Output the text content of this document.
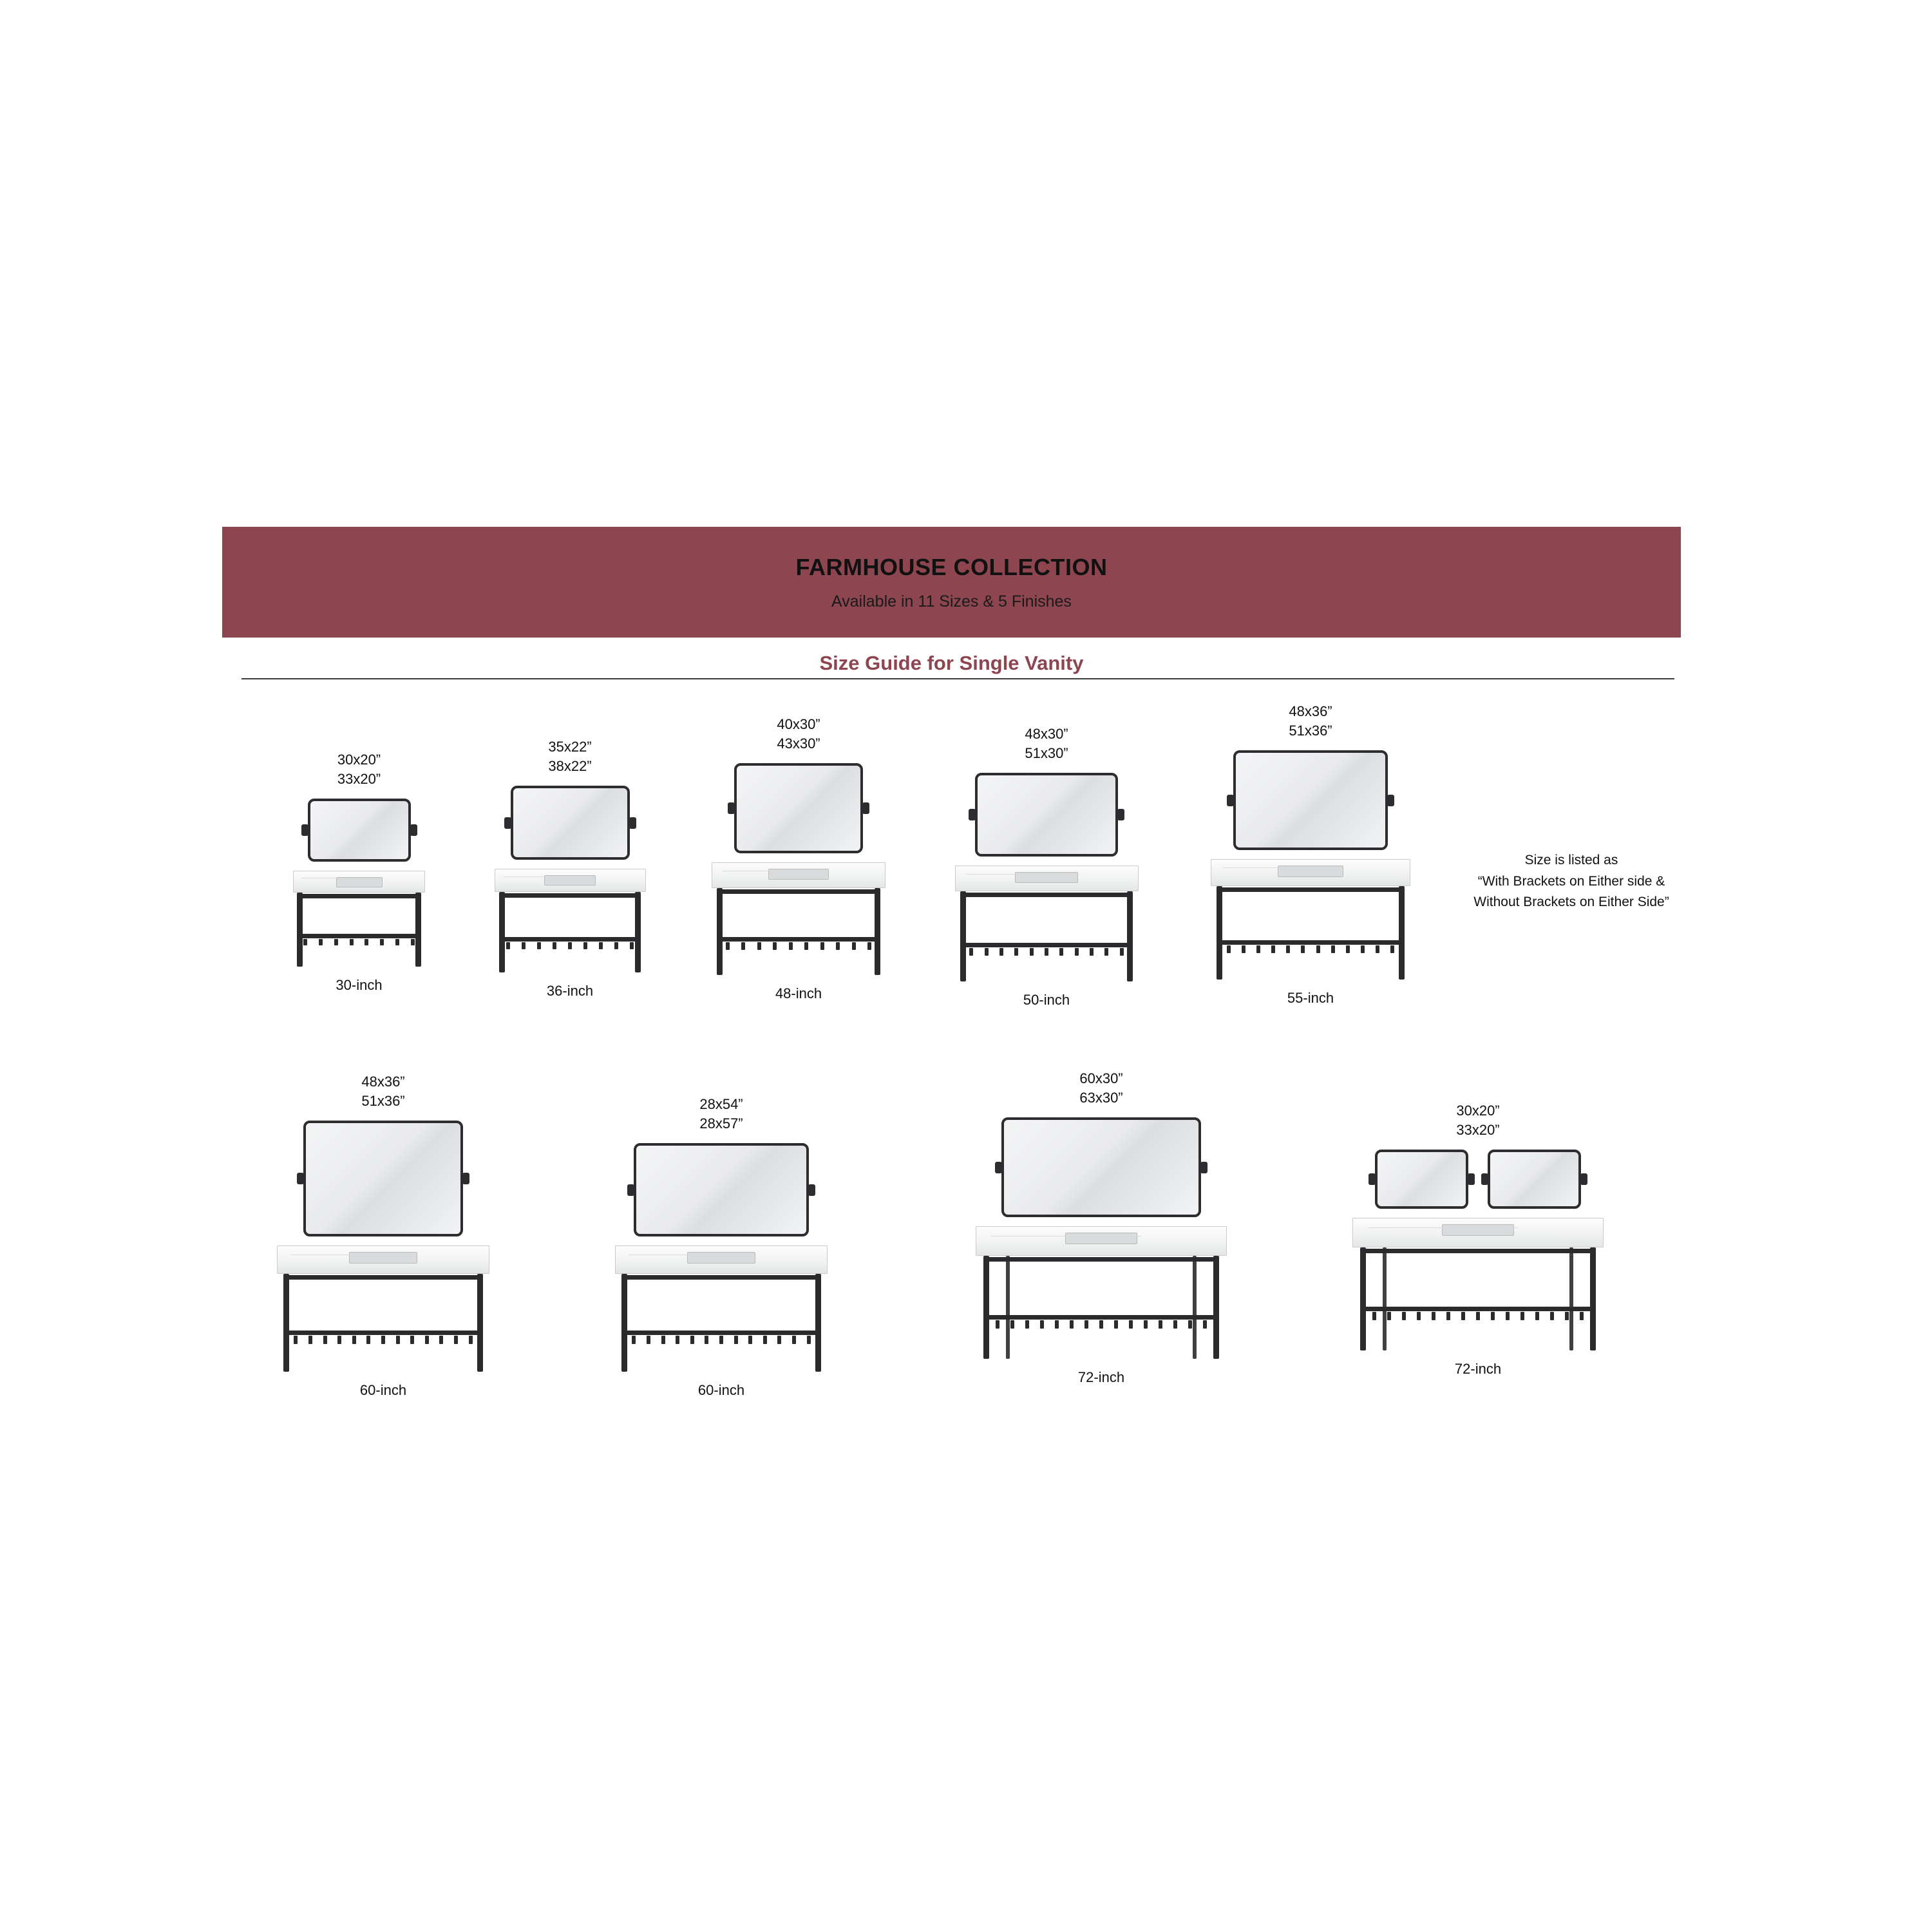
FARMHOUSE COLLECTION
Available in 11 Sizes & 5 Finishes
Size Guide for Single Vanity
Size is listed as
“With Brackets on Either side &
Without Brackets on Either Side”
30x20”
33x20”
30-inch
35x22”
38x22”
36-inch
40x30”
43x30”
48-inch
48x30”
51x30”
50-inch
48x36”
51x36”
55-inch
48x36”
51x36”
60-inch
28x54”
28x57”
60-inch
60x30”
63x30”
72-inch
30x20”
33x20”
72-inch
